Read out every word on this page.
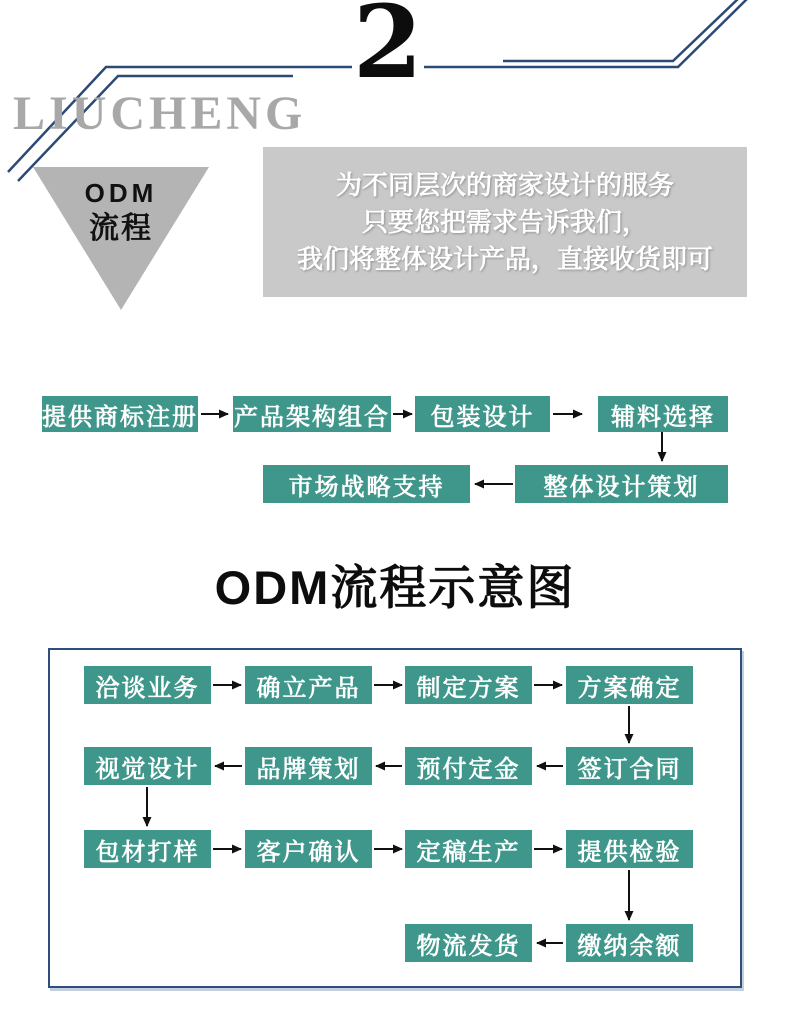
2
LIUCHENG
ODM
流程
为不同层次的商家设计的服务
只要您把需求告诉我们，
我们将整体设计产品，直接收货即可
提供商标注册 产品架构组合	包装设计	辅料选择
市场战略支持	整体设计策划
ODM流程示意图
洽谈业务	确立产品	制定方案	方案确定
视觉设计	品牌策划	预付定金	签订合同
包材打样	客户确认	定稿生产	提供检验
物流发货	缴纳余额
